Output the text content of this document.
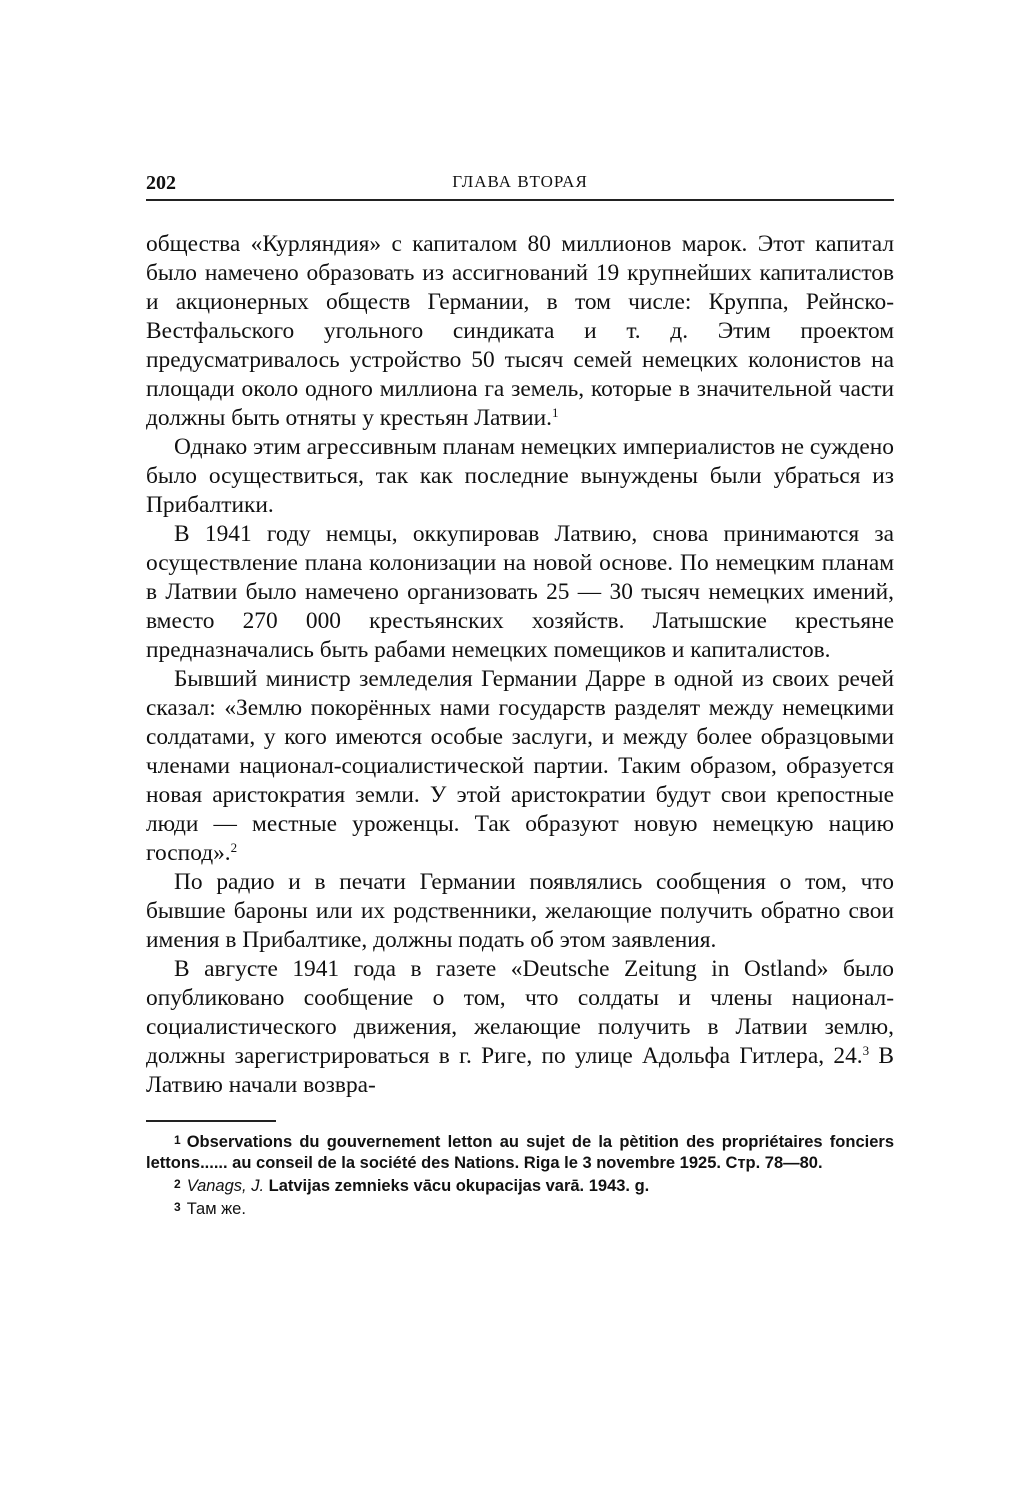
202	ГЛАВА ВТОРАЯ

общества «Курляндия» с капиталом 80 миллионов марок. Этот капитал было намечено образовать из ассигнований 19 крупнейших капиталистов и акционерных обществ Германии, в том числе: Круппа, Рейнско-Вестфальского угольного синдиката и т. д. Этим проектом предусматривалось устройство 50 тысяч семей немецких колонистов на площади около одного миллиона га земель, которые в значительной части должны быть отняты у крестьян Латвии.$^1$

Однако этим агрессивным планам немецких империалистов не суждено было осуществиться, так как последние вынуждены были убраться из Прибалтики.

В 1941 году немцы, оккупировав Латвию, снова принимаются за осуществление плана колонизации на новой основе. По немецким планам в Латвии было намечено организовать 25 — 30 тысяч немецких имений, вместо 270 000 крестьянских хозяйств. Латышские крестьяне предназначались быть рабами немецких помещиков и капиталистов.

Бывший министр земледелия Германии Дарре в одной из своих речей сказал: «Землю покорённых нами государств разделят между немецкими солдатами, у кого имеются особые заслуги, и между более образцовыми членами национал-социалистической партии. Таким образом, образуется новая аристократия земли. У этой аристократии будут свои крепостные люди — местные уроженцы. Так образуют новую немецкую нацию господ».$^2$

По радио и в печати Германии появлялись сообщения о том, что бывшие бароны или их родственники, желающие получить обратно свои имения в Прибалтике, должны подать об этом заявления.

В августе 1941 года в газете «Deutsche Zeitung in Ostland» было опубликовано сообщение о том, что солдаты и члены национал-социалистического движения, желающие получить в Латвии землю, должны зарегистрироваться в г. Риге, по улице Адольфа Гитлера, 24.$^3$ В Латвию начали возвра-

1 Observations du gouvernement letton au sujet de la pètition des propriétaires fonciers lettons...... au conseil de la société des Nations. Riga le 3 novembre 1925. Стр. 78—80.

2 Vanags, J. Latvijas zemnieks vācu okupacijas varā. 1943. g.

3 Там же.
